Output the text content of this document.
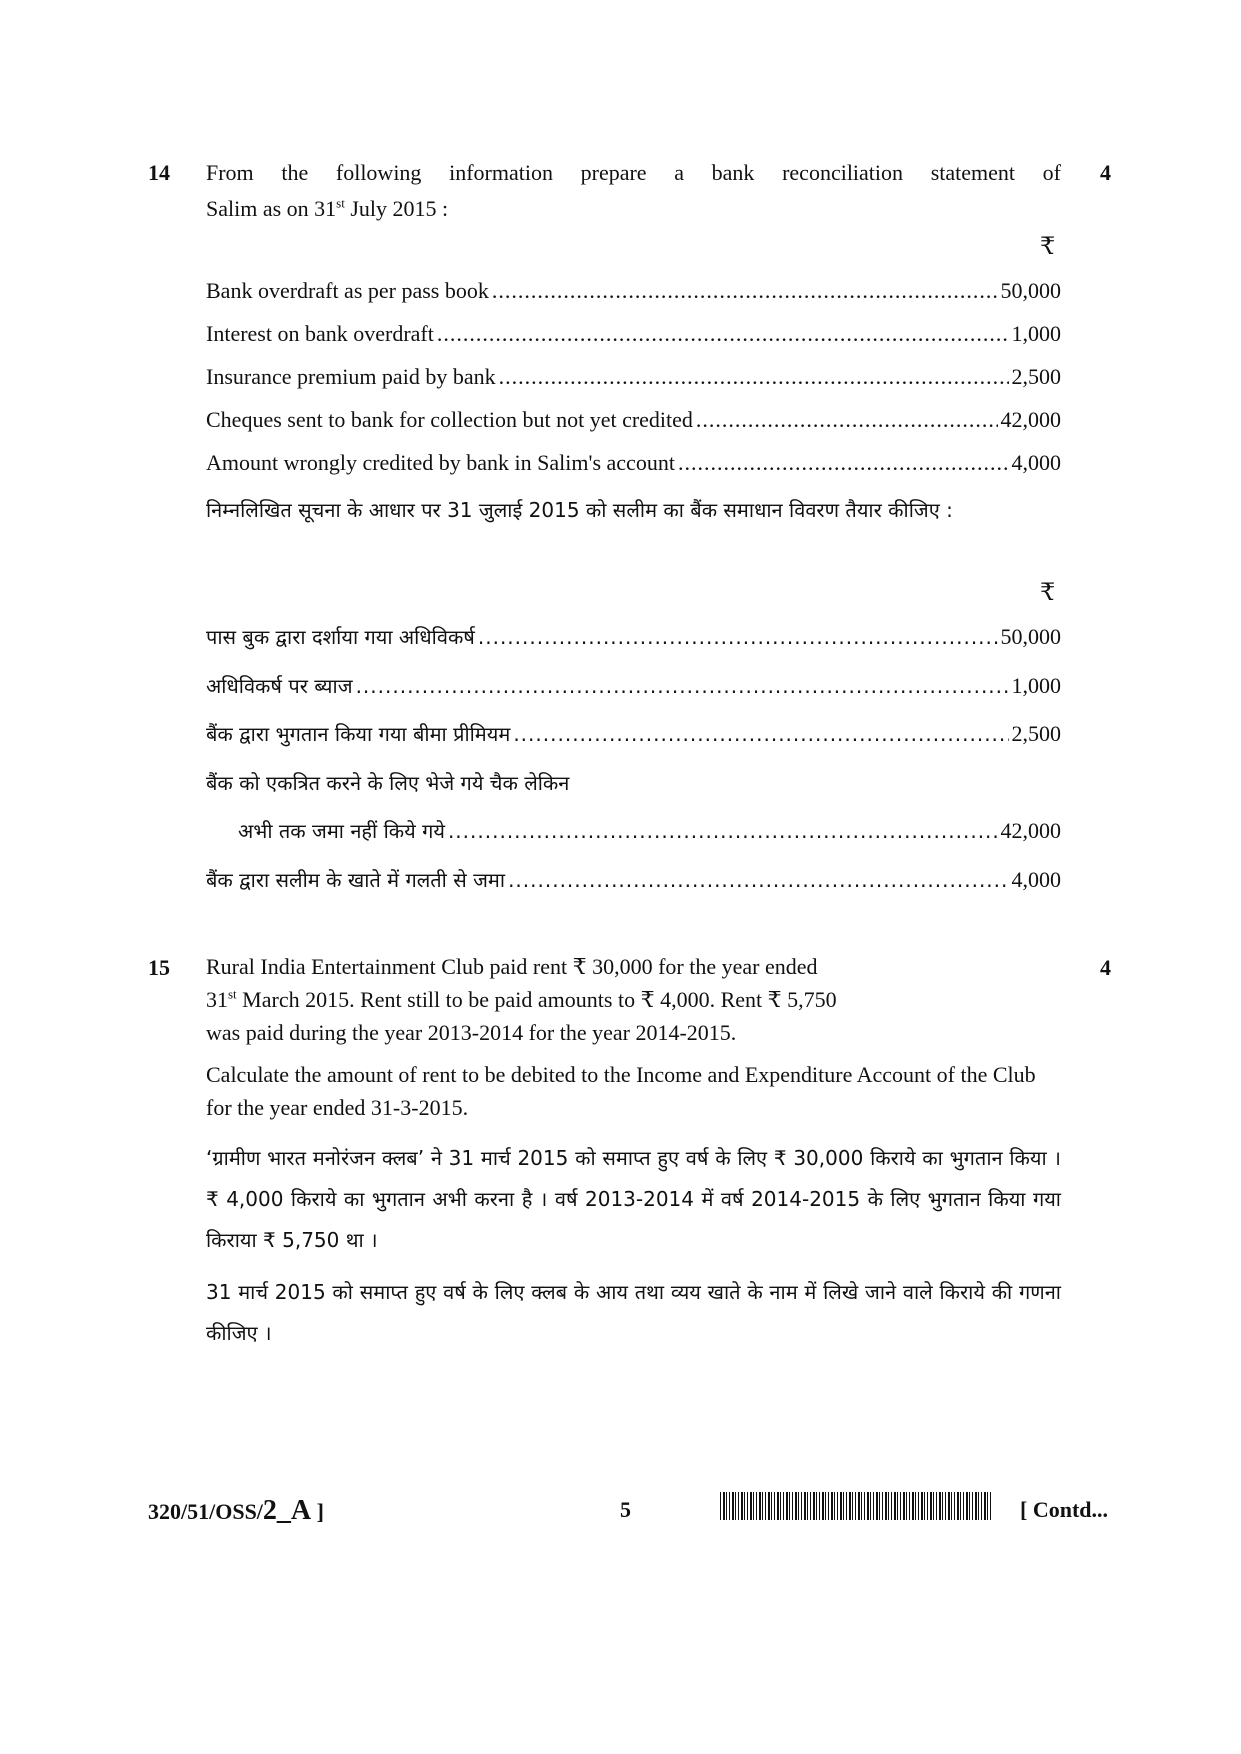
14	4
From the following information prepare a bank reconciliation statement of
Salim as on 31st July 2015 :
₹
Bank overdraft as per pass book .....	50,000
Interest on bank overdraft .....	1,000
Insurance premium paid by bank .....	2,500
Cheques sent to bank for collection but not yet credited .....	42,000
Amount wrongly credited by bank in Salim's account .....	4,000
निम्नलिखित सूचना के आधार पर 31 जुलाई 2015 को सलीम का बैंक समाधान विवरण तैयार कीजिए :
₹
पास बुक द्वारा दर्शाया गया अधिविकर्ष .....	50,000
अधिविकर्ष पर ब्याज .....	1,000
बैंक द्वारा भुगतान किया गया बीमा प्रीमियम .....	2,500
बैंक को एकत्रित करने के लिए भेजे गये चैक लेकिन
अभी तक जमा नहीं किये गये .....	42,000
बैंक द्वारा सलीम के खाते में गलती से जमा .....	4,000
15	4
Rural India Entertainment Club paid rent ₹ 30,000 for the year ended
31st March 2015. Rent still to be paid amounts to ₹ 4,000. Rent ₹ 5,750
was paid during the year 2013-2014 for the year 2014-2015.
Calculate the amount of rent to be debited to the Income and Expenditure Account of the Club for the year ended 31-3-2015.
‘ग्रामीण भारत मनोरंजन क्लब’ ने 31 मार्च 2015 को समाप्त हुए वर्ष के लिए ₹ 30,000 किराये का भुगतान किया । ₹ 4,000 किराये का भुगतान अभी करना है । वर्ष 2013-2014 में वर्ष 2014-2015 के लिए भुगतान किया गया किराया ₹ 5,750 था ।
31 मार्च 2015 को समाप्त हुए वर्ष के लिए क्लब के आय तथा व्यय खाते के नाम में लिखे जाने वाले किराये की गणना कीजिए ।
320/51/OSS/2_A ]	5	[ Contd...
